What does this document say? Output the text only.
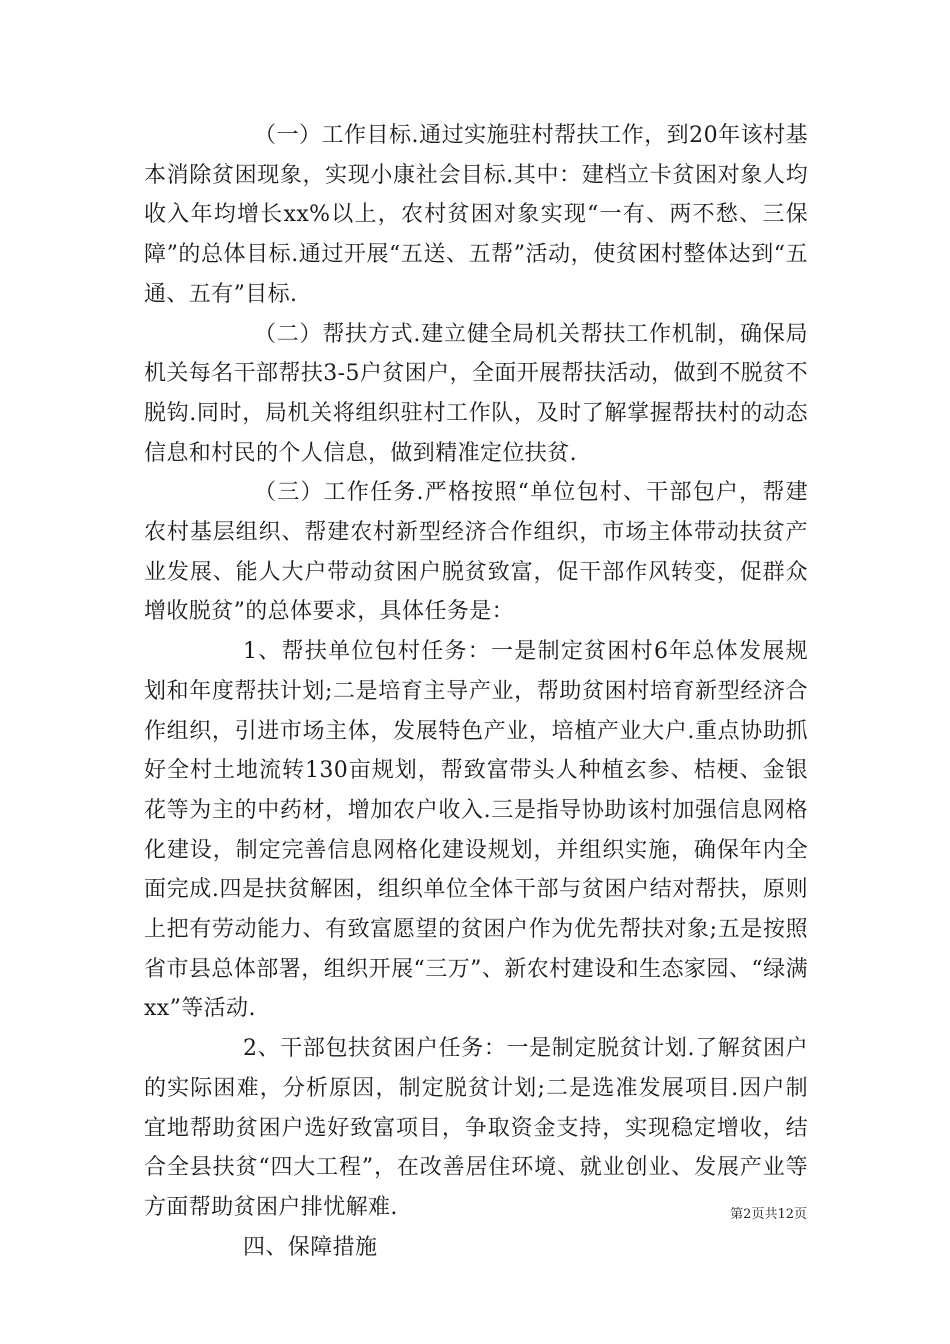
（一）工作目标.通过实施驻村帮扶工作，到20年该村基本消除贫困现象，实现小康社会目标.其中：建档立卡贫困对象人均收入年均增长xx%以上，农村贫困对象实现“一有、两不愁、三保障”的总体目标.通过开展“五送、五帮”活动，使贫困村整体达到“五通、五有”目标.

（二）帮扶方式.建立健全局机关帮扶工作机制，确保局机关每名干部帮扶3-5户贫困户，全面开展帮扶活动，做到不脱贫不脱钩.同时，局机关将组织驻村工作队，及时了解掌握帮扶村的动态信息和村民的个人信息，做到精准定位扶贫.

（三）工作任务.严格按照“单位包村、干部包户，帮建农村基层组织、帮建农村新型经济合作组织，市场主体带动扶贫产业发展、能人大户带动贫困户脱贫致富，促干部作风转变，促群众增收脱贫”的总体要求，具体任务是：

1、帮扶单位包村任务：一是制定贫困村6年总体发展规划和年度帮扶计划;二是培育主导产业，帮助贫困村培育新型经济合作组织，引进市场主体，发展特色产业，培植产业大户.重点协助抓好全村土地流转130亩规划，帮致富带头人种植玄参、桔梗、金银花等为主的中药材，增加农户收入.三是指导协助该村加强信息网格化建设，制定完善信息网格化建设规划，并组织实施，确保年内全面完成.四是扶贫解困，组织单位全体干部与贫困户结对帮扶，原则上把有劳动能力、有致富愿望的贫困户作为优先帮扶对象;五是按照省市县总体部署，组织开展“三万”、新农村建设和生态家园、“绿满xx”等活动.

2、干部包扶贫困户任务：一是制定脱贫计划.了解贫困户的实际困难，分析原因，制定脱贫计划;二是选准发展项目.因户制宜地帮助贫困户选好致富项目，争取资金支持，实现稳定增收，结合全县扶贫“四大工程”，在改善居住环境、就业创业、发展产业等方面帮助贫困户排忧解难.

四、保障措施

第2页共12页
